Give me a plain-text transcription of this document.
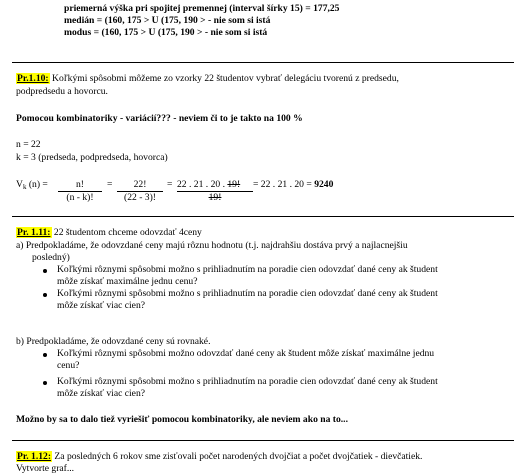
priemerná výška pri spojitej premennej (interval šírky 15) = 177,25
medián = (160, 175 > U (175, 190 > - nie som si istá
modus = (160, 175 > U (175, 190 > - nie som si istá
Pr.1.10: Koľkými spôsobmi môžeme zo vzorky 22 študentov vybrať delegáciu tvorenú z predsedu,
podpredsedu a hovorcu.
Pomocou kombinatoriky - variácií??? - neviem či to je takto na 100 %
n = 22
k = 3 (predseda, podpredseda, hovorca)
$V_k$ (n) =	n!
(n - k)!
=	22!
(22 - 3)!
= 22 . 21 . 20 . 19!
19!
= 22 . 21 . 20 = 9240
Pr. 1.11: 22 študentom chceme odovzdať 4ceny
a) Predpokladáme, že odovzdané ceny majú rôznu hodnotu (t.j. najdrahšiu dostáva prvý a najlacnejšiu
posledný)
Koľkými rôznymi spôsobmi možno s prihliadnutím na poradie cien odovzdať dané ceny ak študent
môže získať maximálne jednu cenu?
Koľkými rôznymi spôsobmi možno s prihliadnutím na poradie cien odovzdať dané ceny ak študent
môže získať viac cien?
b) Predpokladáme, že odovzdané ceny sú rovnaké.
Koľkými rôznymi spôsobmi možno odovzdať dané ceny ak študent môže získať maximálne jednu
cenu?
Koľkými rôznymi spôsobmi možno s prihliadnutím na poradie cien odovzdať dané ceny ak študent
môže získať viac cien?
Možno by sa to dalo tiež vyriešiť pomocou kombinatoriky, ale neviem ako na to...
Pr. 1.12: Za posledných 6 rokov sme zisťovali počet narodených dvojčiat a počet dvojčatiek - dievčatiek.
Vytvorte graf...
